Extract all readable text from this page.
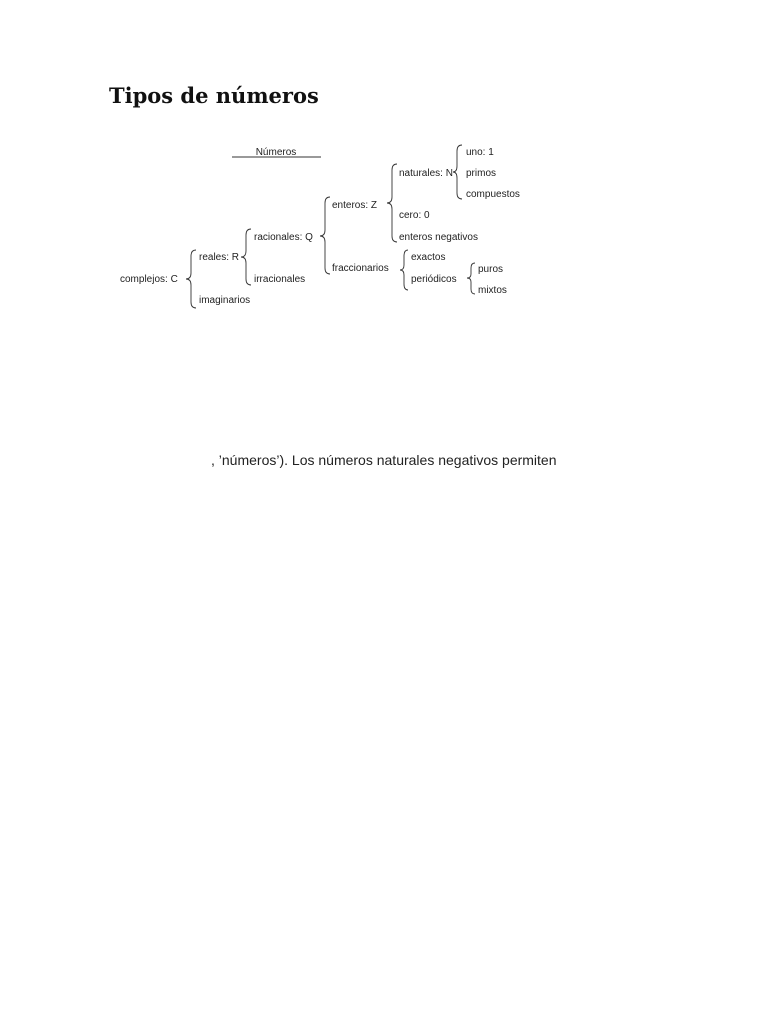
Tipos de números
Números
complejos: C
reales: R
imaginarios
racionales: Q
irracionales
enteros: Z
fraccionarios
naturales: N
cero: 0
enteros negativos
uno: 1
primos
compuestos
exactos
periódicos
puros
mixtos

, ’números’). Los números naturales negativos permiten
